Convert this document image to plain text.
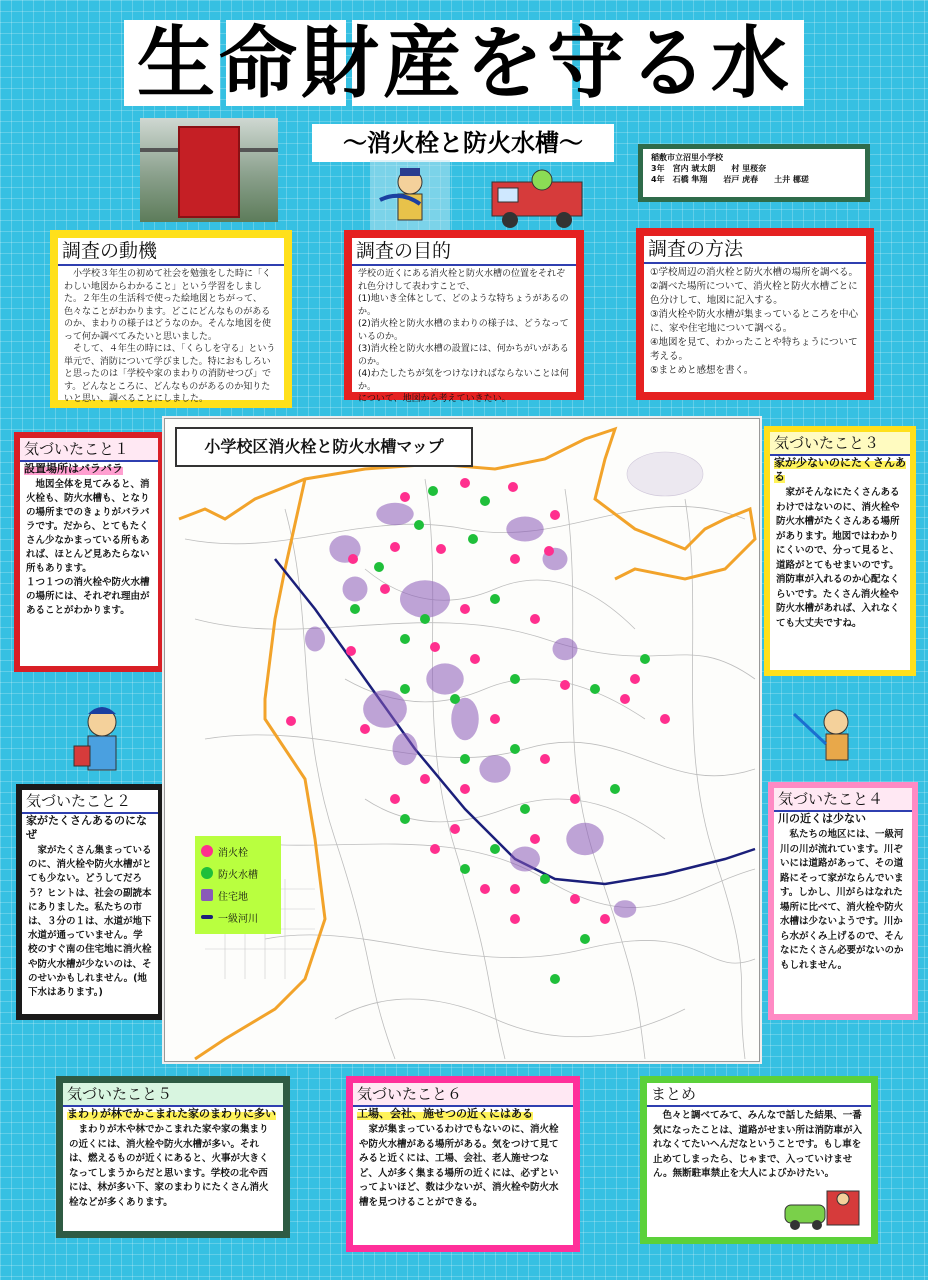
生命財産を守る水
〜消火栓と防火水槽〜
稲敷市立沼里小学校
3年　宮内 琥太朗　　村 里桜奈
4年　石橋 隼翔　　岩戸 虎春　　土井 梛瑳
調査の動機
　小学校３年生の初めて社会を勉強をした時に「くわしい地図からわかること」という学習をしました。２年生の生活科で使った絵地図とちがって、色々なことがわかります。どこにどんなものがあるのか、まわりの様子はどうなのか。そんな地図を使って何か調べてみたいと思いました。
　そして、４年生の時には、「くらしを守る」という単元で、消防について学びました。特におもしろいと思ったのは「学校や家のまわりの消防せつび」です。どんなところに、どんなものがあるのか知りたいと思い、調べることにしました。
調査の目的
学校の近くにある消火栓と防火水槽の位置をそれぞれ色分けして表わすことで、
(1)地いき全体として、どのような特ちょうがあるのか。
(2)消火栓と防火水槽のまわりの様子は、どうなっているのか。
(3)消火栓と防火水槽の設置には、何かちがいがあるのか。
(4)わたしたちが気をつけなければならないことは何か。
について、地図から考えていきたい。
調査の方法
①学校周辺の消火栓と防火水槽の場所を調べる。
②調べた場所について、消火栓と防火水槽ごとに色分けして、地図に記入する。
③消火栓や防火水槽が集まっているところを中心に、家や住宅地について調べる。
④地図を見て、わかったことや特ちょうについて考える。
⑤まとめと感想を書く。
気づいたこと１
設置場所はバラバラ
　地図全体を見てみると、消火栓も、防火水槽も、となりの場所までのきょりがバラバラです。だから、とてもたくさん少なかまっている所もあれば、ほとんど見あたらない所もあります。
１つ１つの消火栓や防火水槽の場所には、それぞれ理由があることがわかります。
気づいたこと３
家が少ないのにたくさんある
　家がそんなにたくさんあるわけではないのに、消火栓や防火水槽がたくさんある場所があります。地図ではわかりにくいので、分って見ると、道路がとてもせまいのです。消防車が入れるのか心配なくらいです。たくさん消火栓や防火水槽があれば、入れなくても大丈夫ですね。
気づいたこと２
家がたくさんあるのになぜ
　家がたくさん集まっているのに、消火栓や防火水槽がとても少ない。どうしてだろう？ヒントは、社会の副読本にありました。私たちの市は、３分の１は、水道が地下水道が通っていません。学校のすぐ南の住宅地に消火栓や防火水槽が少ないのは、そのせいかもしれません。(地下水はあります。)
気づいたこと４
川の近くは少ない
　私たちの地区には、一級河川の川が流れています。川ぞいには道路があって、その道路にそって家がならんでいます。しかし、川がらはなれた場所に比べて、消火栓や防火水槽は少ないようです。川から水がくみ上げるので、そんなにたくさん必要がないのかもしれません。
小学校区消火栓と防火水槽マップ
消火栓
防火水槽
住宅地
一級河川
気づいたこと５
まわりが林でかこまれた家のまわりに多い
　まわりが木や林でかこまれた家や家の集まりの近くには、消火栓や防火水槽が多い。それは、燃えるものが近くにあると、火事が大きくなってしまうからだと思います。学校の北や西には、林が多い下、家のまわりにたくさん消火栓などが多くあります。
気づいたこと６
工場、会社、施せつの近くにはある
　家が集まっているわけでもないのに、消火栓や防火水槽がある場所がある。気をつけて見てみると近くには、工場、会社、老人施せつなど、人が多く集まる場所の近くには、必ずといってよいほど、数は少ないが、消火栓や防火水槽を見つけることができる。
まとめ
　色々と調べてみて、みんなで話した結果、一番気になったことは、道路がせまい所は消防車が入れなくてたいへんだなということです。もし車を止めてしまったら、じゃまで、入っていけません。無断駐車禁止を大人によびかけたい。
